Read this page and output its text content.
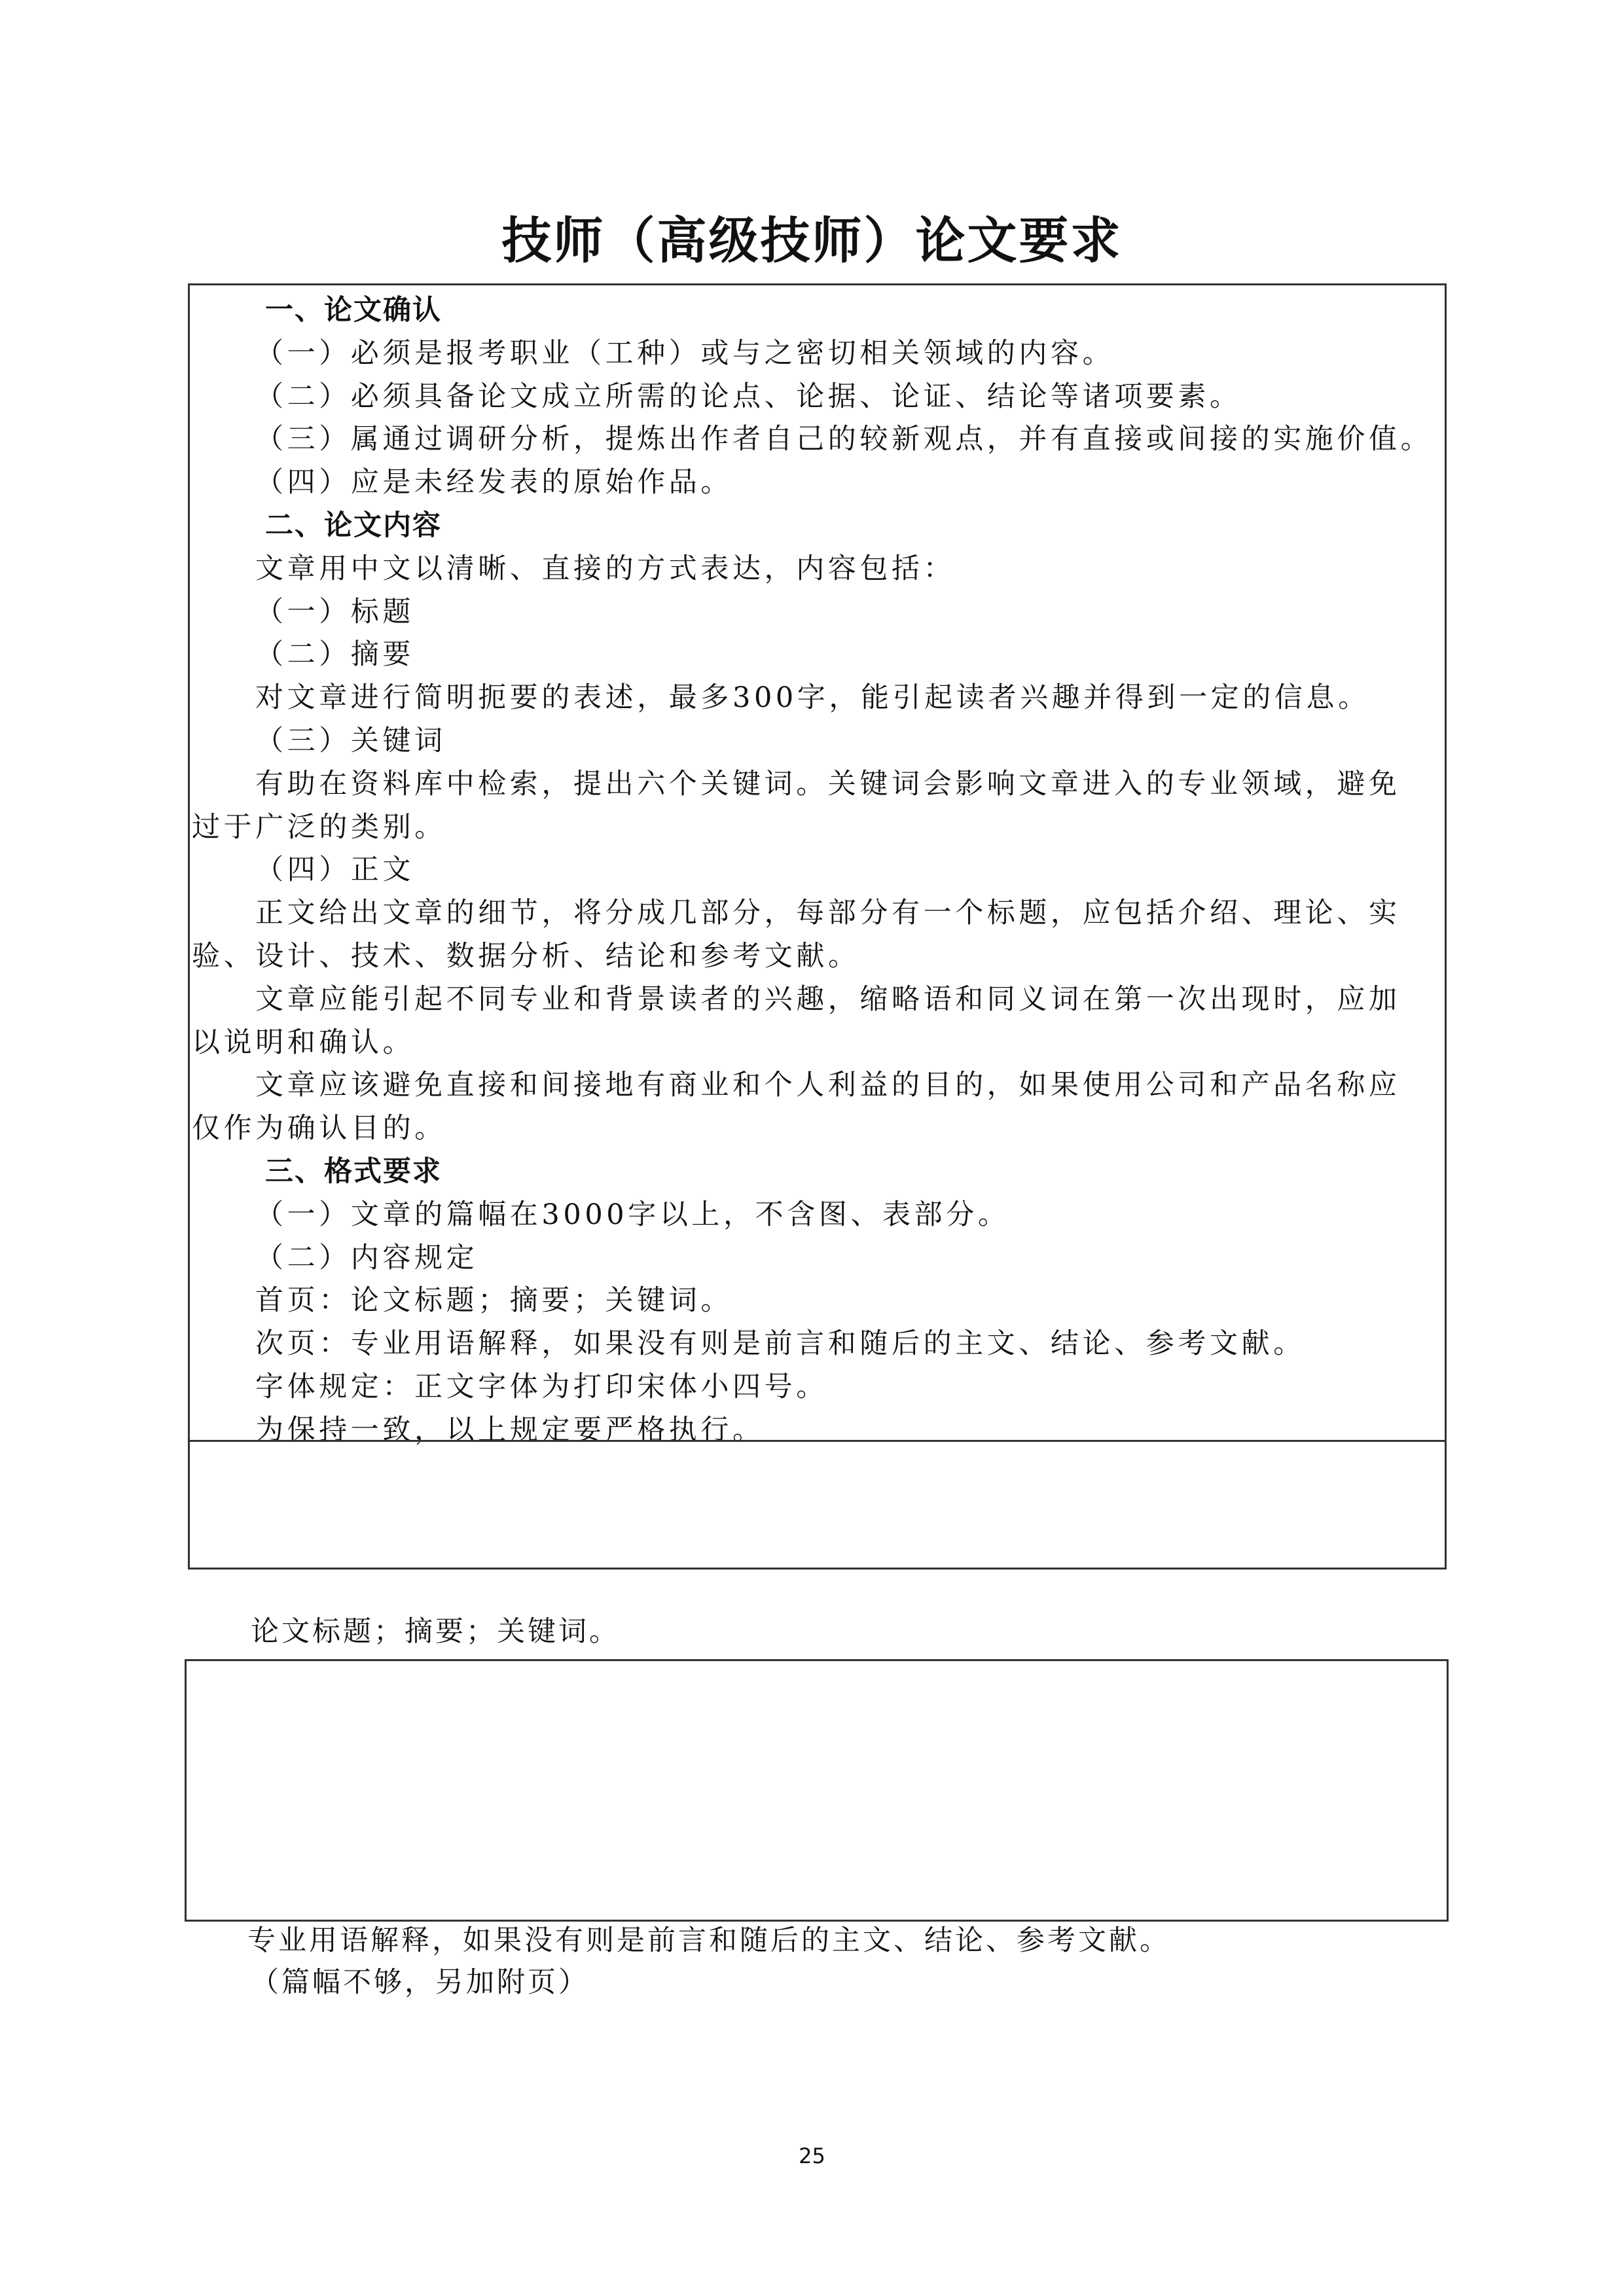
技师（高级技师）论文要求
一、论文确认
（一）必须是报考职业（工种）或与之密切相关领域的内容。
（二）必须具备论文成立所需的论点、论据、论证、结论等诸项要素。
（三）属通过调研分析，提炼出作者自己的较新观点，并有直接或间接的实施价值。
（四）应是未经发表的原始作品。
二、论文内容
文章用中文以清晰、直接的方式表达，内容包括：
（一）标题
（二）摘要
对文章进行简明扼要的表述，最多300字，能引起读者兴趣并得到一定的信息。
（三）关键词
有助在资料库中检索，提出六个关键词。关键词会影响文章进入的专业领域，避免
过于广泛的类别。
（四）正文
正文给出文章的细节，将分成几部分，每部分有一个标题，应包括介绍、理论、实
验、设计、技术、数据分析、结论和参考文献。
文章应能引起不同专业和背景读者的兴趣，缩略语和同义词在第一次出现时，应加
以说明和确认。
文章应该避免直接和间接地有商业和个人利益的目的，如果使用公司和产品名称应
仅作为确认目的。
三、格式要求
（一）文章的篇幅在3000字以上，不含图、表部分。
（二）内容规定
首页：论文标题；摘要；关键词。
次页：专业用语解释，如果没有则是前言和随后的主文、结论、参考文献。
字体规定：正文字体为打印宋体小四号。
为保持一致，以上规定要严格执行。
论文标题；摘要；关键词。
专业用语解释，如果没有则是前言和随后的主文、结论、参考文献。
（篇幅不够，另加附页）
25
